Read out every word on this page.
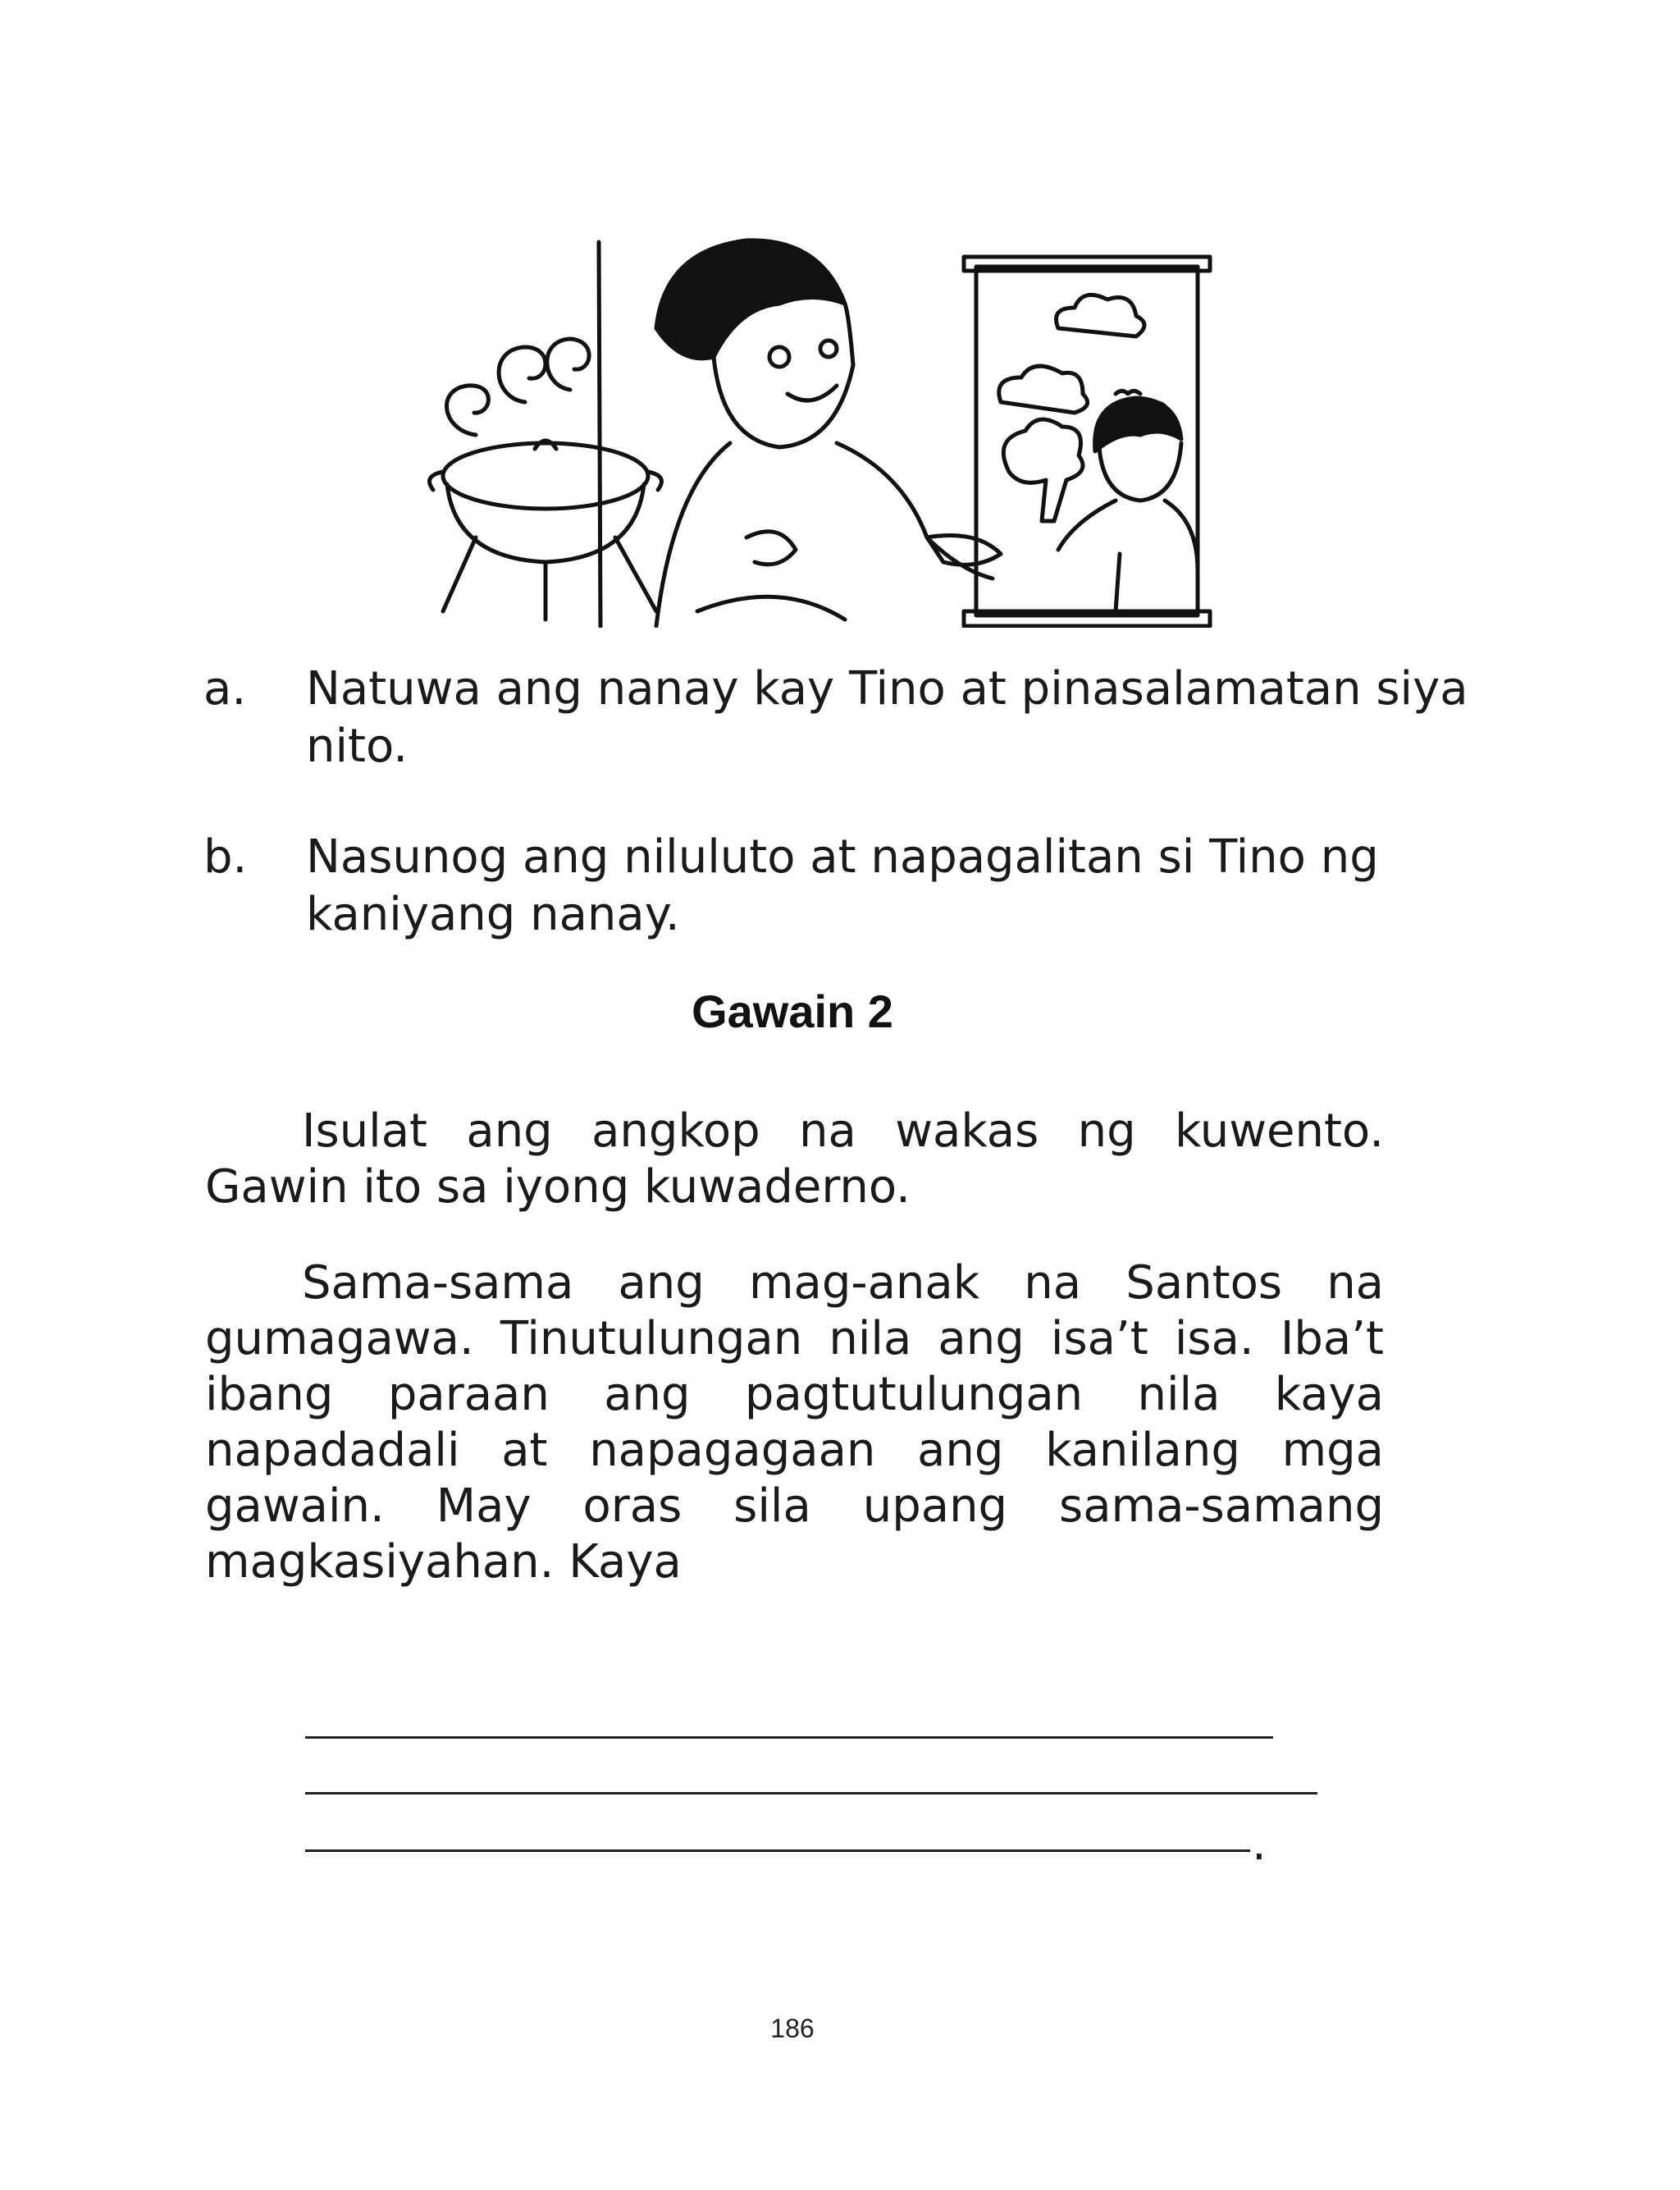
a.	Natuwa ang nanay kay Tino at pinasalamatan siya nito.
b.	Nasunog ang niluluto at napagalitan si Tino ng kaniyang nanay.
Gawain 2

Isulat ang angkop na wakas ng kuwento. Gawin ito sa iyong kuwaderno.

Sama-sama ang mag-anak na Santos na gumagawa. Tinutulungan nila ang isa’t isa. Iba’t ibang paraan ang pagtutulungan nila kaya napadadali at napagagaan ang kanilang mga gawain. May oras sila upang sama-samang magkasiyahan. Kaya

.
186
